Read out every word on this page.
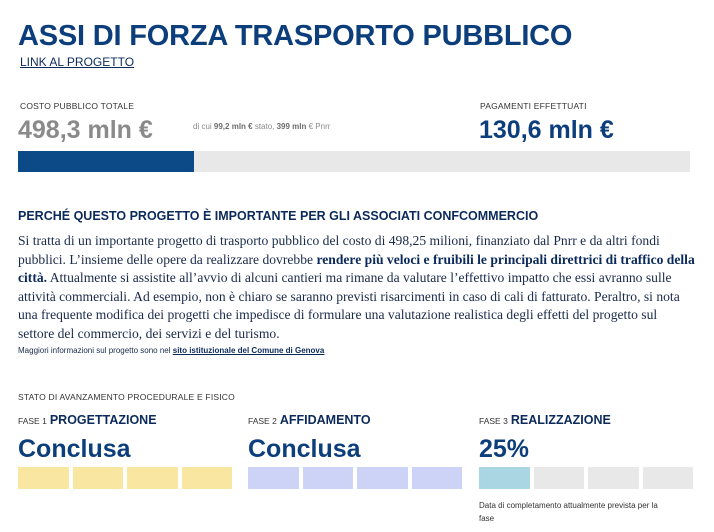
ASSI DI FORZA TRASPORTO PUBBLICO
LINK AL PROGETTO
COSTO PUBBLICO TOTALE
498,3 mln €	di cui 99,2 mln € stato, 399 mln € Pnrr
PAGAMENTI EFFETTUATI
130,6 mln €
PERCHÉ QUESTO PROGETTO È IMPORTANTE PER GLI ASSOCIATI CONFCOMMERCIO
Si tratta di un importante progetto di trasporto pubblico del costo di 498,25 milioni, finanziato dal Pnrr e da altri fondi pubblici. L’insieme delle opere da realizzare dovrebbe rendere più veloci e fruibili le principali direttrici di traffico della città. Attualmente si assistite all’avvio di alcuni cantieri ma rimane da valutare l’effettivo impatto che essi avranno sulle attività commerciali. Ad esempio, non è chiaro se saranno previsti risarcimenti in caso di cali di fatturato. Peraltro, si nota una frequente modifica dei progetti che impedisce di formulare una valutazione realistica degli effetti del progetto sul settore del commercio, dei servizi e del turismo.
Maggiori informazioni sul progetto sono nel sito istituzionale del Comune di Genova
STATO DI AVANZAMENTO PROCEDURALE E FISICO
FASE 1 PROGETTAZIONE
Conclusa
FASE 2 AFFIDAMENTO
Conclusa
FASE 3 REALIZZAZIONE
25%
Data di completamento attualmente prevista per la fase
